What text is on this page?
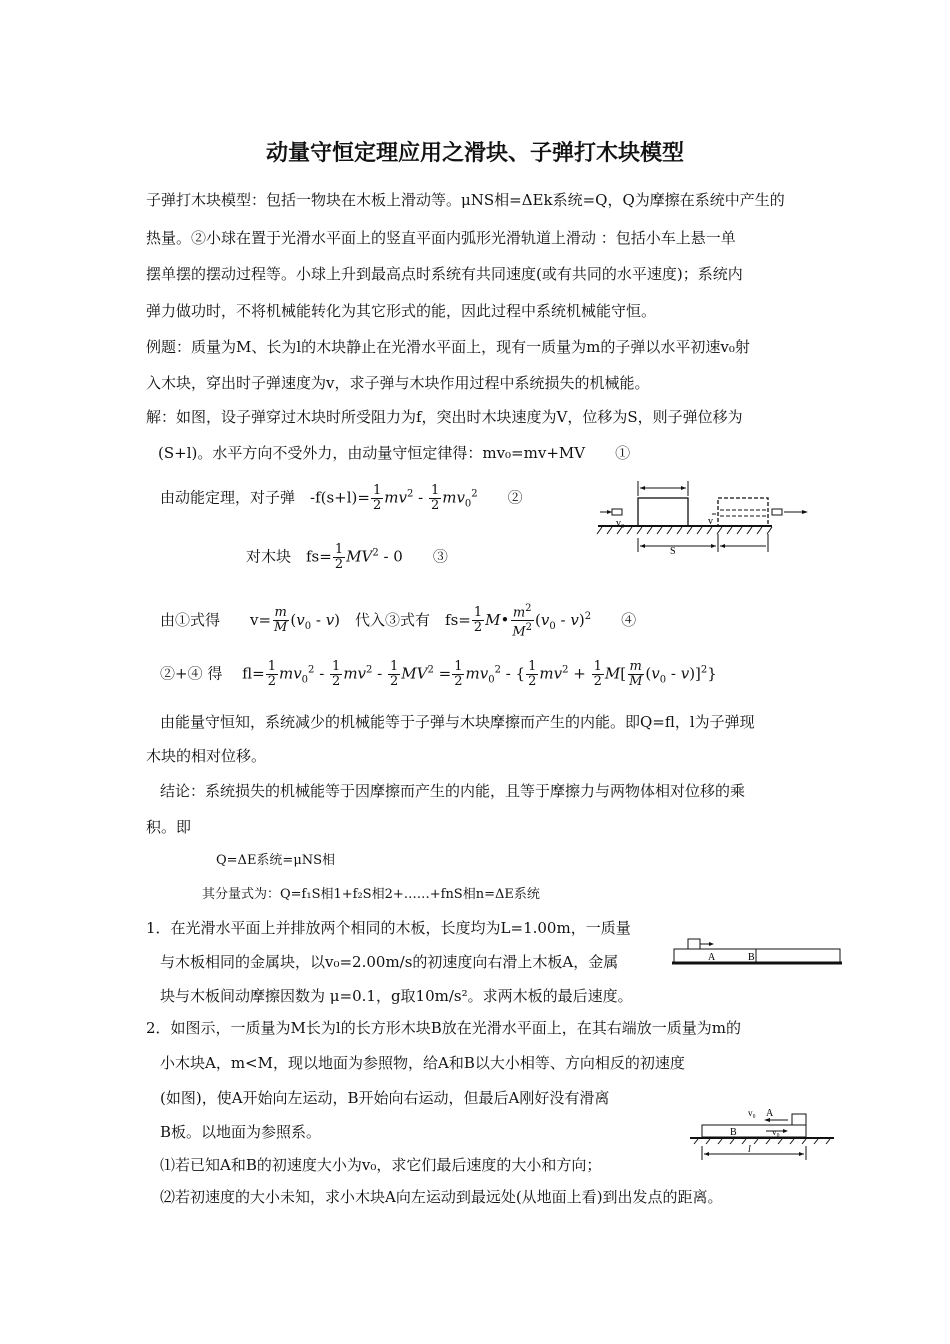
动量守恒定理应用之滑块、子弹打木块模型
子弹打木块模型：包括一物块在木板上滑动等。μNS相=ΔEk系统=Q，Q为摩擦在系统中产生的
热量。②小球在置于光滑水平面上的竖直平面内弧形光滑轨道上滑动 ：包括小车上悬一单
摆单摆的摆动过程等。小球上升到最高点时系统有共同速度(或有共同的水平速度)；系统内
弹力做功时，不将机械能转化为其它形式的能，因此过程中系统机械能守恒。
例题：质量为M、长为l的木块静止在光滑水平面上，现有一质量为m的子弹以水平初速v₀射
入木块，穿出时子弹速度为v，求子弹与木块作用过程中系统损失的机械能。
解：如图，设子弹穿过木块时所受阻力为f，突出时木块速度为V，位移为S，则子弹位移为
(S+l)。水平方向不受外力，由动量守恒定律得：mv₀=mv+MV　　①
由动能定理，对子弹　$-f(s+l)= \frac{1}{2} mv^2 - \frac{1}{2} mv_0^2$　　②
对木块　$fs= \frac{1}{2} MV^2 - 0$　　③
由①式得　　$v= \frac{m}{M} (v_0 - v)$　代入③式有　$fs= \frac{1}{2}$ M• $\frac{m^2}{M^2} (v_0 - v)^2$　　④
②+④ 得　 $fl= \frac{1}{2} mv_0^2 - \frac{1}{2} mv^2 - \frac{1}{2} MV^2 = \frac{1}{2} mv_0^2$ - { $\frac{1}{2} mv^2 + \frac{1}{2} M[ \frac{m}{M} (v_0 - v)]^2$}
由能量守恒知，系统减少的机械能等于子弹与木块摩擦而产生的内能。即Q=fl，l为子弹现
木块的相对位移。
结论：系统损失的机械能等于因摩擦而产生的内能，且等于摩擦力与两物体相对位移的乘
积。即
Q=ΔE系统=μNS相
其分量式为：Q=f₁S相1+f₂S相2+……+fnS相n=ΔE系统
1．在光滑水平面上并排放两个相同的木板，长度均为L=1.00m，一质量
与木板相同的金属块，以v₀=2.00m/s的初速度向右滑上木板A，金属
块与木板间动摩擦因数为 μ=0.1，g取10m/s²。求两木板的最后速度。
2．如图示，一质量为M长为l的长方形木块B放在光滑水平面上，在其右端放一质量为m的
小木块A，m<M，现以地面为参照物，给A和B以大小相等、方向相反的初速度
(如图)，使A开始向左运动，B开始向右运动，但最后A刚好没有滑离
B板。以地面为参照系。
⑴若已知A和B的初速度大小为v₀，求它们最后速度的大小和方向；
⑵若初速度的大小未知，求小木块A向左运动到最远处(从地面上看)到出发点的距离。
v₀	v
S
A	B
v₀ A
B	v₀
l
